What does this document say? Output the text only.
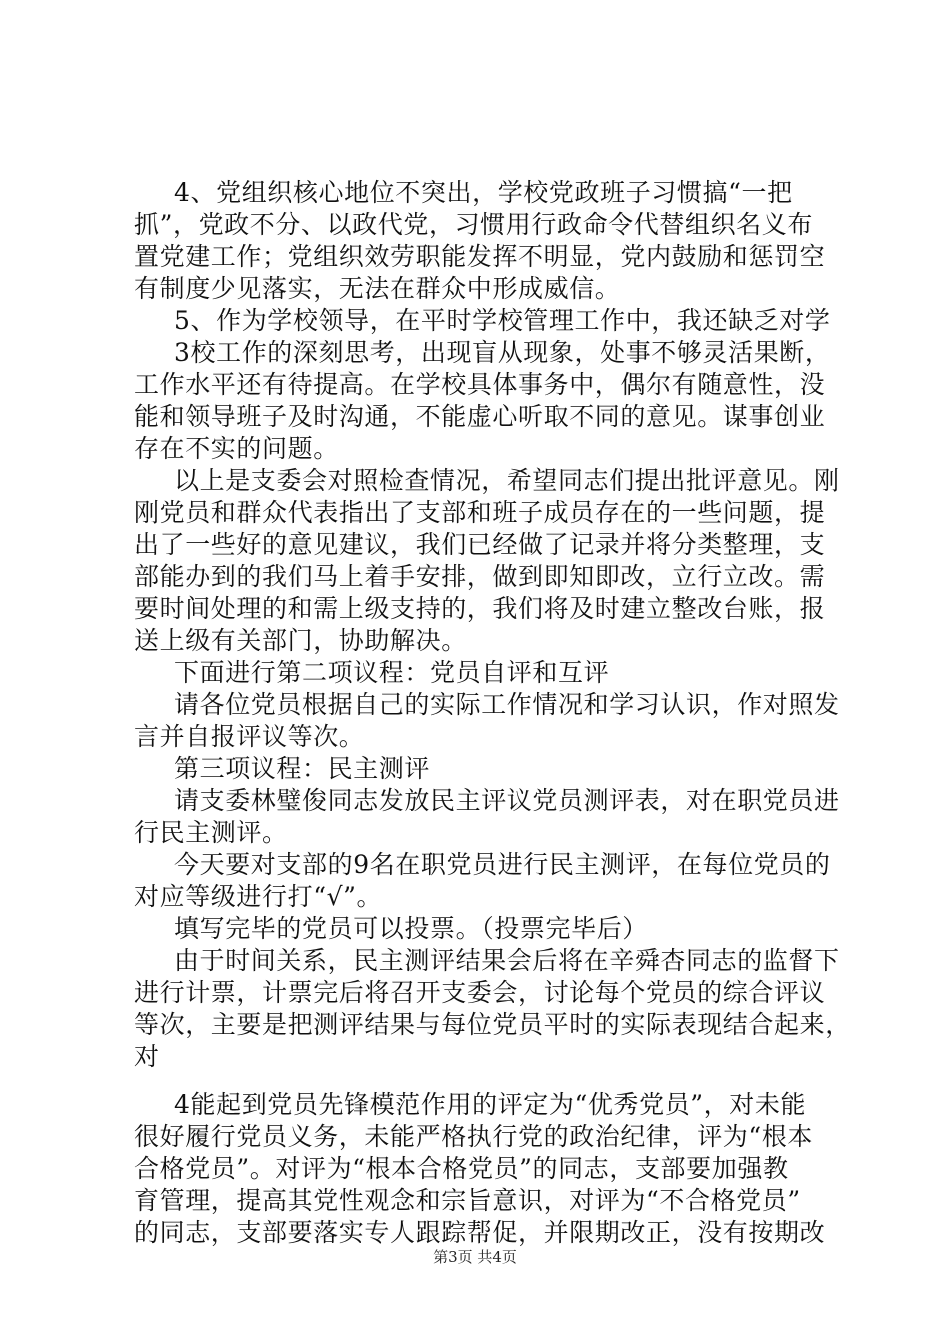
4、党组织核心地位不突出，学校党政班子习惯搞“一把
抓”，党政不分、以政代党，习惯用行政命令代替组织名义布
置党建工作；党组织效劳职能发挥不明显，党内鼓励和惩罚空
有制度少见落实，无法在群众中形成威信。
5、作为学校领导，在平时学校管理工作中，我还缺乏对学
3校工作的深刻思考，出现盲从现象，处事不够灵活果断，
工作水平还有待提高。在学校具体事务中，偶尔有随意性，没
能和领导班子及时沟通，不能虚心听取不同的意见。谋事创业
存在不实的问题。
以上是支委会对照检查情况，希望同志们提出批评意见。刚
刚党员和群众代表指出了支部和班子成员存在的一些问题，提
出了一些好的意见建议，我们已经做了记录并将分类整理，支
部能办到的我们马上着手安排，做到即知即改，立行立改。需
要时间处理的和需上级支持的，我们将及时建立整改台账，报
送上级有关部门，协助解决。
下面进行第二项议程：党员自评和互评
请各位党员根据自己的实际工作情况和学习认识，作对照发
言并自报评议等次。
第三项议程：民主测评
请支委林璧俊同志发放民主评议党员测评表，对在职党员进
行民主测评。
今天要对支部的9名在职党员进行民主测评，在每位党员的
对应等级进行打“√”。
填写完毕的党员可以投票。（投票完毕后）
由于时间关系，民主测评结果会后将在辛舜杏同志的监督下
进行计票，计票完后将召开支委会，讨论每个党员的综合评议
等次，主要是把测评结果与每位党员平时的实际表现结合起来，
对
4能起到党员先锋模范作用的评定为“优秀党员”，对未能
很好履行党员义务，未能严格执行党的政治纪律，评为“根本
合格党员”。对评为“根本合格党员”的同志，支部要加强教
育管理，提高其党性观念和宗旨意识，对评为“不合格党员”
的同志，支部要落实专人跟踪帮促，并限期改正，没有按期改
第3页 共4页
